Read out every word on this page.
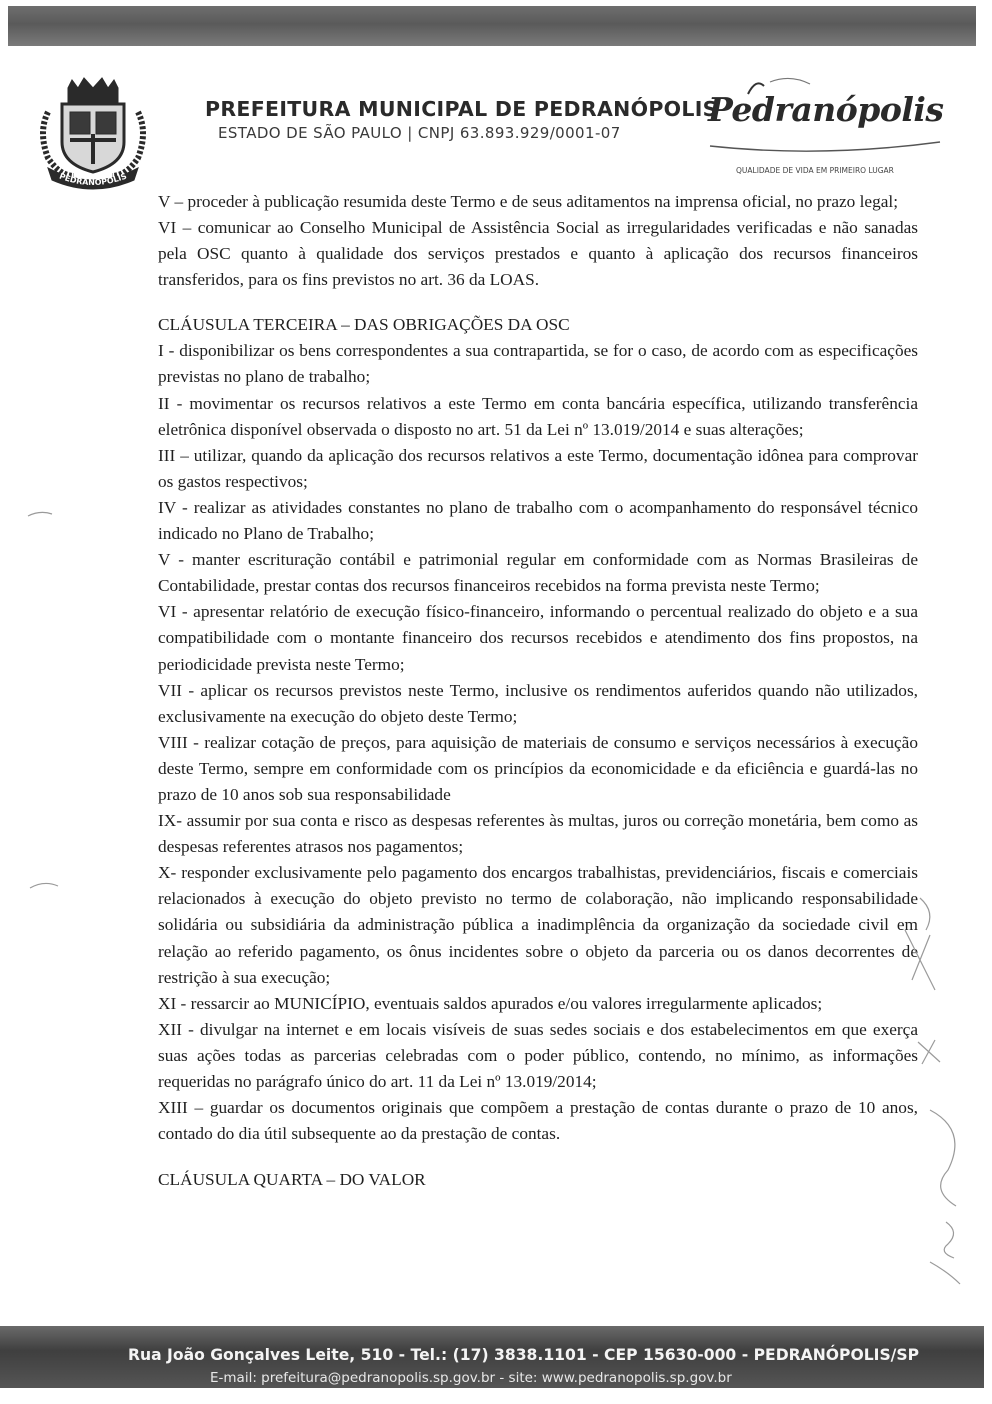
PEDRANÓPOLIS
PREFEITURA MUNICIPAL DE PEDRANÓPOLIS
ESTADO DE SÃO PAULO | CNPJ 63.893.929/0001-07
Pedranópolis
QUALIDADE DE VIDA EM PRIMEIRO LUGAR

V – proceder à publicação resumida deste Termo e de seus aditamentos na imprensa oficial, no prazo legal;

VI – comunicar ao Conselho Municipal de Assistência Social as irregularidades verificadas e não sanadas pela OSC quanto à qualidade dos serviços prestados e quanto à aplicação dos recursos financeiros transferidos, para os fins previstos no art. 36 da LOAS.

CLÁUSULA TERCEIRA – DAS OBRIGAÇÕES DA OSC

I - disponibilizar os bens correspondentes a sua contrapartida, se for o caso, de acordo com as especificações previstas no plano de trabalho;

II - movimentar os recursos relativos a este Termo em conta bancária específica, utilizando transferência eletrônica disponível observada o disposto no art. 51 da Lei nº 13.019/2014 e suas alterações;

III – utilizar, quando da aplicação dos recursos relativos a este Termo, documentação idônea para comprovar os gastos respectivos;

IV - realizar as atividades constantes no plano de trabalho com o acompanhamento do responsável técnico indicado no Plano de Trabalho;

V - manter escrituração contábil e patrimonial regular em conformidade com as Normas Brasileiras de Contabilidade, prestar contas dos recursos financeiros recebidos na forma prevista neste Termo;

VI - apresentar relatório de execução físico-financeiro, informando o percentual realizado do objeto e a sua compatibilidade com o montante financeiro dos recursos recebidos e atendimento dos fins propostos, na periodicidade prevista neste Termo;

VII - aplicar os recursos previstos neste Termo, inclusive os rendimentos auferidos quando não utilizados, exclusivamente na execução do objeto deste Termo;

VIII - realizar cotação de preços, para aquisição de materiais de consumo e serviços necessários à execução deste Termo, sempre em conformidade com os princípios da economicidade e da eficiência e guardá-las no prazo de 10 anos sob sua responsabilidade

IX- assumir por sua conta e risco as despesas referentes às multas, juros ou correção monetária, bem como as despesas referentes atrasos nos pagamentos;

X- responder exclusivamente pelo pagamento dos encargos trabalhistas, previdenciários, fiscais e comerciais relacionados à execução do objeto previsto no termo de colaboração, não implicando responsabilidade solidária ou subsidiária da administração pública a inadimplência da organização da sociedade civil em relação ao referido pagamento, os ônus incidentes sobre o objeto da parceria ou os danos decorrentes de restrição à sua execução;

XI - ressarcir ao MUNICÍPIO, eventuais saldos apurados e/ou valores irregularmente aplicados;

XII - divulgar na internet e em locais visíveis de suas sedes sociais e dos estabelecimentos em que exerça suas ações todas as parcerias celebradas com o poder público, contendo, no mínimo, as informações requeridas no parágrafo único do art. 11 da Lei nº 13.019/2014;

XIII – guardar os documentos originais que compõem a prestação de contas durante o prazo de 10 anos, contado do dia útil subsequente ao da prestação de contas.

CLÁUSULA QUARTA – DO VALOR

Rua João Gonçalves Leite, 510 - Tel.: (17) 3838.1101 - CEP 15630-000 - PEDRANÓPOLIS/SP
E-mail: prefeitura@pedranopolis.sp.gov.br - site: www.pedranopolis.sp.gov.br
